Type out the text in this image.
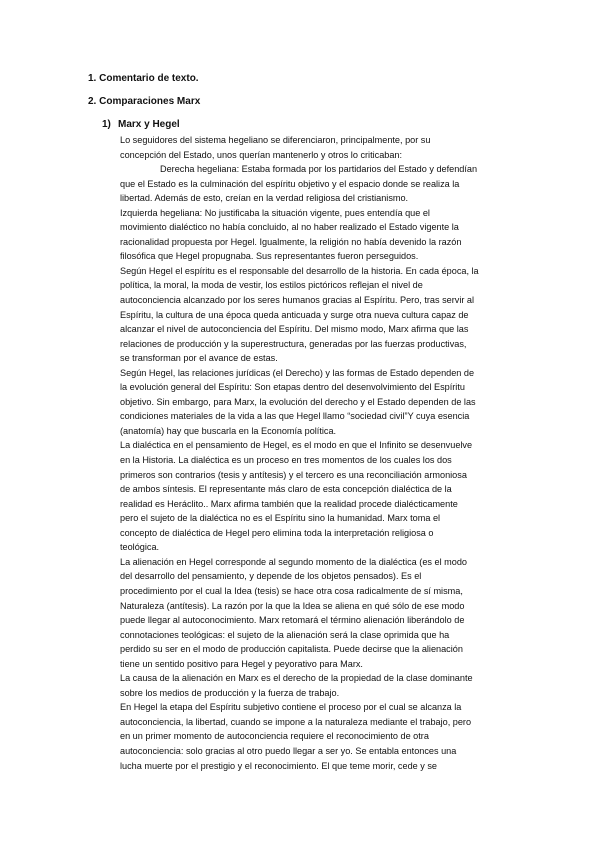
1. Comentario de texto.
2. Comparaciones Marx
1) Marx y Hegel
Lo seguidores del sistema hegeliano se diferenciaron, principalmente, por su
concepción del Estado, unos querían mantenerlo y otros lo criticaban:
Derecha hegeliana: Estaba formada por los partidarios del Estado y defendían
que el Estado es la culminación del espíritu objetivo y el espacio donde se realiza la
libertad. Además de esto, creían en la verdad religiosa del cristianismo.
Izquierda hegeliana: No justificaba la situación vigente, pues entendía que el
movimiento dialéctico no había concluido, al no haber realizado el Estado vigente la
racionalidad propuesta por Hegel. Igualmente, la religión no había devenido la razón
filosófica que Hegel propugnaba. Sus representantes fueron perseguidos.
Según Hegel el espíritu es el responsable del desarrollo de la historia. En cada época, la
política, la moral, la moda de vestir, los estilos pictóricos reflejan el nivel de
autoconciencia alcanzado por los seres humanos gracias al Espíritu. Pero, tras servir al
Espíritu, la cultura de una época queda anticuada y surge otra nueva cultura capaz de
alcanzar el nivel de autoconciencia del Espíritu. Del mismo modo, Marx afirma que las
relaciones de producción y la superestructura, generadas por las fuerzas productivas,
se transforman por el avance de estas.
Según Hegel, las relaciones jurídicas (el Derecho) y las formas de Estado dependen de
la evolución general del Espíritu: Son etapas dentro del desenvolvimiento del Espíritu
objetivo. Sin embargo, para Marx, la evolución del derecho y el Estado dependen de las
condiciones materiales de la vida a las que Hegel llamo “sociedad civil”Y cuya esencia
(anatomía) hay que buscarla en la Economía política.
La dialéctica en el pensamiento de Hegel, es el modo en que el Infinito se desenvuelve
en la Historia. La dialéctica es un proceso en tres momentos de los cuales los dos
primeros son contrarios (tesis y antítesis) y el tercero es una reconciliación armoniosa
de ambos síntesis. El representante más claro de esta concepción dialéctica de la
realidad es Heráclito.. Marx afirma también que la realidad procede dialécticamente
pero el sujeto de la dialéctica no es el Espíritu sino la humanidad. Marx toma el
concepto de dialéctica de Hegel pero elimina toda la interpretación religiosa o
teológica.
La alienación en Hegel corresponde al segundo momento de la dialéctica (es el modo
del desarrollo del pensamiento, y depende de los objetos pensados). Es el
procedimiento por el cual la Idea (tesis) se hace otra cosa radicalmente de sí misma,
Naturaleza (antítesis). La razón por la que la Idea se aliena en qué sólo de ese modo
puede llegar al autoconocimiento. Marx retomará el término alienación liberándolo de
connotaciones teológicas: el sujeto de la alienación será la clase oprimida que ha
perdido su ser en el modo de producción capitalista. Puede decirse que la alienación
tiene un sentido positivo para Hegel y peyorativo para Marx.
La causa de la alienación en Marx es el derecho de la propiedad de la clase dominante
sobre los medios de producción y la fuerza de trabajo.
En Hegel la etapa del Espíritu subjetivo contiene el proceso por el cual se alcanza la
autoconciencia, la libertad, cuando se impone a la naturaleza mediante el trabajo, pero
en un primer momento de autoconciencia requiere el reconocimiento de otra
autoconciencia: solo gracias al otro puedo llegar a ser yo. Se entabla entonces una
lucha muerte por el prestigio y el reconocimiento. El que teme morir, cede y se
